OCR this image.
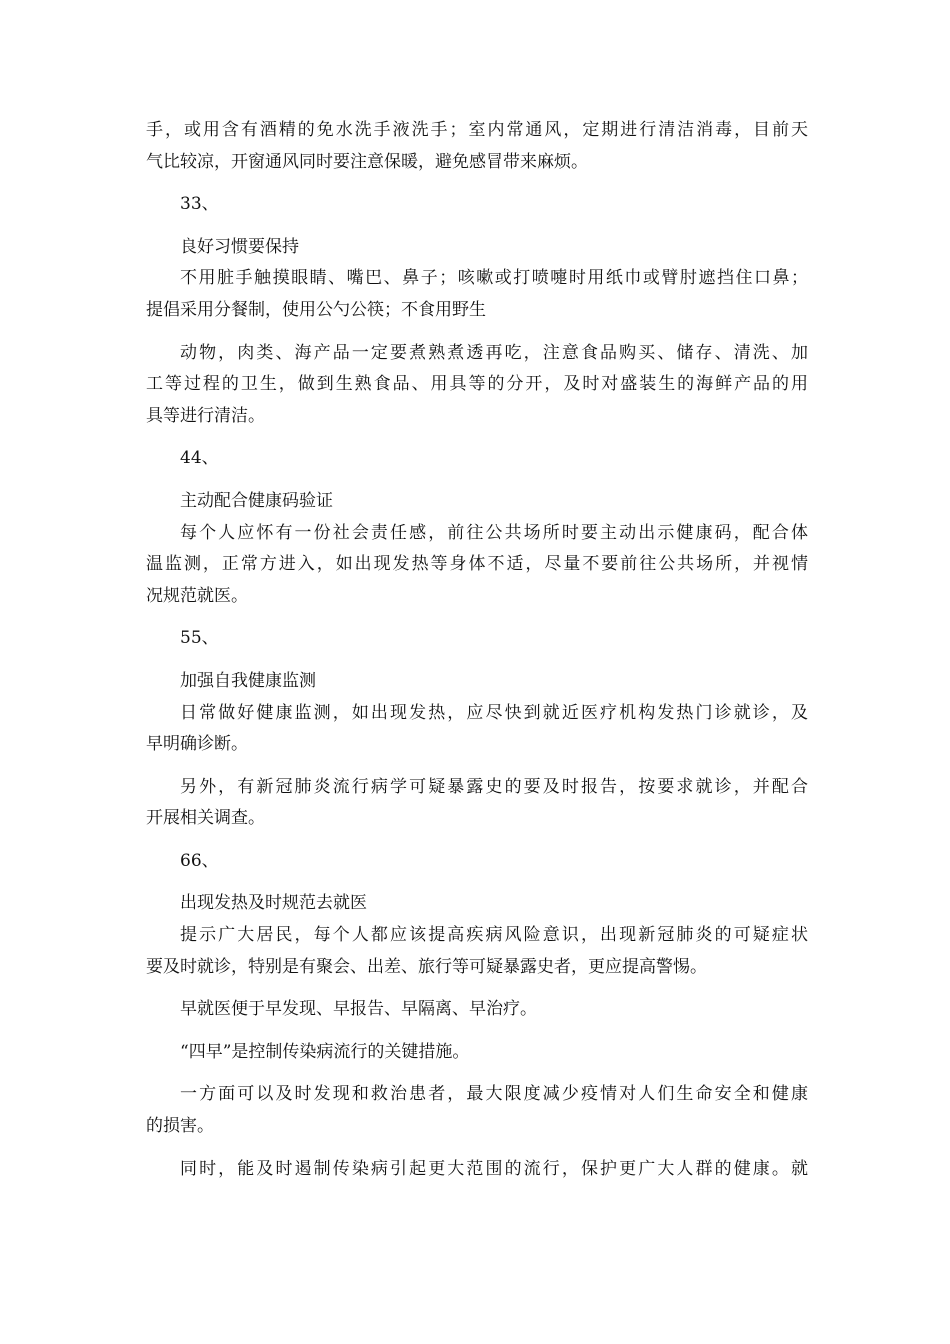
手，或用含有酒精的免水洗手液洗手；室内常通风，定期进行清洁消毒，目前天
气比较凉，开窗通风同时要注意保暖，避免感冒带来麻烦。
33、
良好习惯要保持
不用脏手触摸眼睛、嘴巴、鼻子；咳嗽或打喷嚏时用纸巾或臂肘遮挡住口鼻；
提倡采用分餐制，使用公勺公筷；不食用野生
动物，肉类、海产品一定要煮熟煮透再吃，注意食品购买、储存、清洗、加
工等过程的卫生，做到生熟食品、用具等的分开，及时对盛装生的海鲜产品的用
具等进行清洁。
44、
主动配合健康码验证
每个人应怀有一份社会责任感，前往公共场所时要主动出示健康码，配合体
温监测，正常方进入，如出现发热等身体不适，尽量不要前往公共场所，并视情
况规范就医。
55、
加强自我健康监测
日常做好健康监测，如出现发热，应尽快到就近医疗机构发热门诊就诊，及
早明确诊断。
另外，有新冠肺炎流行病学可疑暴露史的要及时报告，按要求就诊，并配合
开展相关调查。
66、
出现发热及时规范去就医
提示广大居民，每个人都应该提高疾病风险意识，出现新冠肺炎的可疑症状
要及时就诊，特别是有聚会、出差、旅行等可疑暴露史者，更应提高警惕。
早就医便于早发现、早报告、早隔离、早治疗。
“四早”是控制传染病流行的关键措施。
一方面可以及时发现和救治患者，最大限度减少疫情对人们生命安全和健康
的损害。
同时，能及时遏制传染病引起更大范围的流行，保护更广大人群的健康。就
